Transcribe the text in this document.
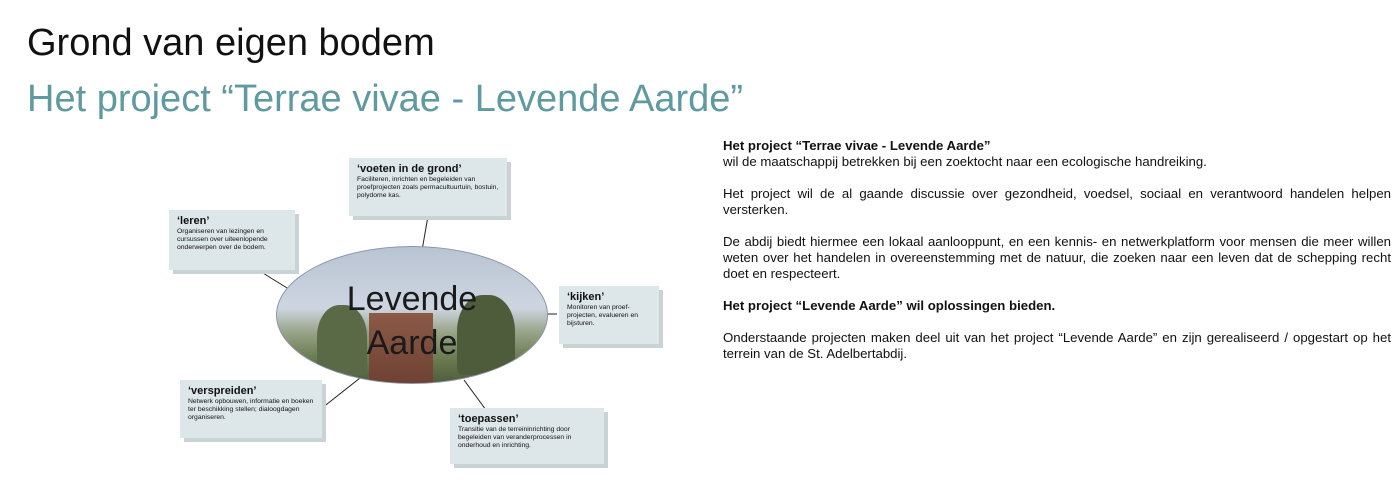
Grond van eigen bodem
Het project “Terrae vivae - Levende Aarde”
Levende
Aarde
‘voeten in de grond’
Faciliteren, inrichten en begeleiden van proefprojecten zoals permacultuurtuin, bostuin, polydome kas.
‘leren’
Organiseren van lezingen en cursussen over uiteenlopende onderwerpen over de bodem.
‘kijken’
Monitoren van proef-projecten, evalueren en bijsturen.
‘verspreiden’
Netwerk opbouwen, informatie en boeken ter beschikking stellen; dialoogdagen organiseren.	‘toepassen’
Transitie van de terreininrichting door begeleiden van veranderprocessen in onderhoud en inrichting.

Het project “Terrae vivae - Levende Aarde”
wil de maatschappij betrekken bij een zoektocht naar een ecologische handreiking.

Het project wil de al gaande discussie over gezondheid, voedsel, sociaal en verantwoord handelen helpen versterken.

De abdij biedt hiermee een lokaal aanlooppunt, en een kennis- en netwerkplatform voor mensen die meer willen weten over het handelen in overeenstemming met de natuur, die zoeken naar een leven dat de schepping recht doet en respecteert.

Het project “Levende Aarde” wil oplossingen bieden.

Onderstaande projecten maken deel uit van het project “Levende Aarde” en zijn gerealiseerd / opgestart op het terrein van de St. Adelbertabdij.
